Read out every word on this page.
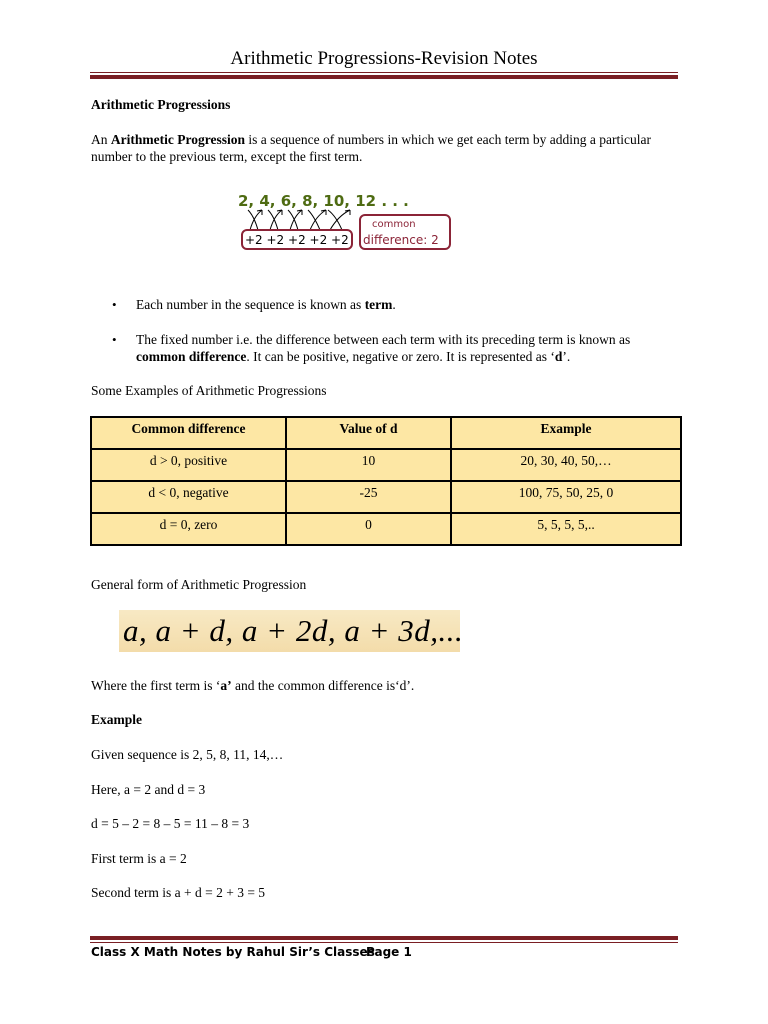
Arithmetic Progressions-Revision Notes
Arithmetic Progressions
An Arithmetic Progression is a sequence of numbers in which we get each term by adding a particular
number to the previous term, except the first term.
2, 4, 6, 8, 10, 12 . . .
+2 +2 +2 +2 +2
common
difference: 2
• Each number in the sequence is known as term.
• The fixed number i.e. the difference between each term with its preceding term is known as
common difference. It can be positive, negative or zero. It is represented as ‘d’.
Some Examples of Arithmetic Progressions
Common difference	Value of d	Example
d > 0, positive	10	20, 30, 40, 50,…
d < 0, negative	-25	100, 75, 50, 25, 0
d = 0, zero	0	5, 5, 5, 5,..
General form of Arithmetic Progression
a, a + d, a + 2d, a + 3d,...
Where the first term is ‘a’ and the common difference is‘d’.
Example
Given sequence is 2, 5, 8, 11, 14,…
Here, a = 2 and d = 3
d = 5 – 2 = 8 – 5 = 11 – 8 = 3
First term is a = 2
Second term is a + d = 2 + 3 = 5
Class X Math Notes by Rahul Sir’s Classes
Page 1
